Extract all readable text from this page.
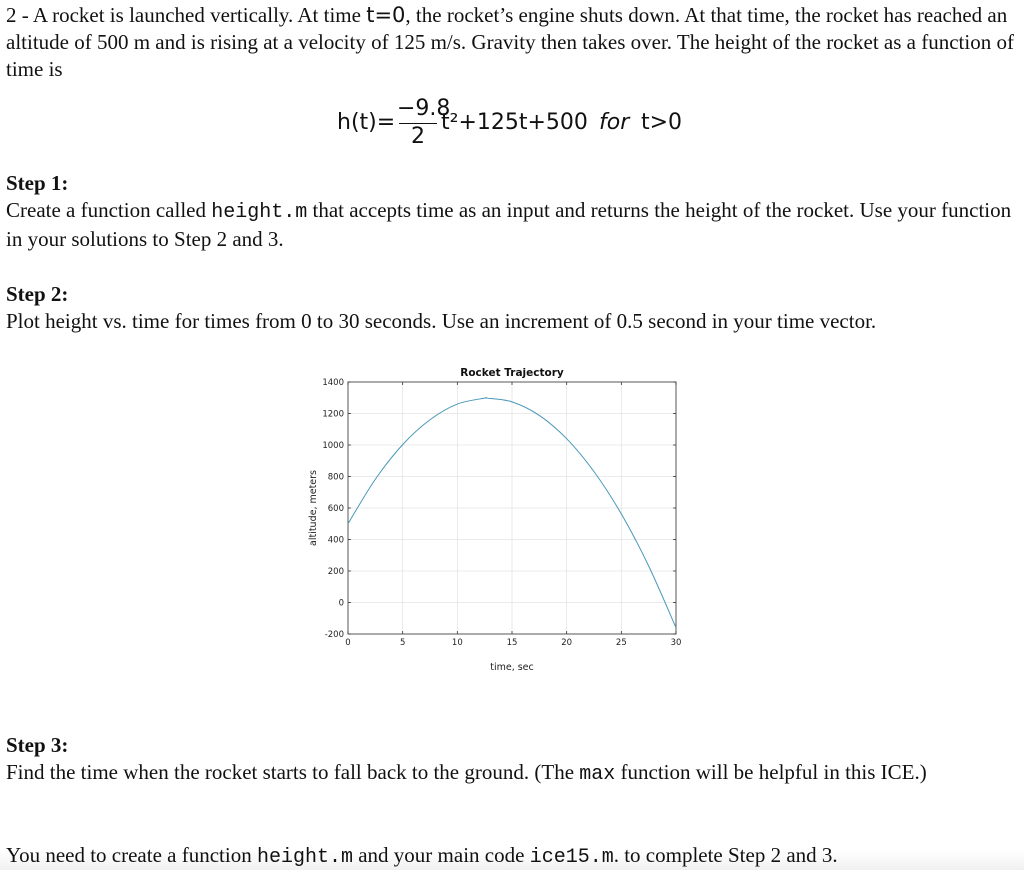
2 - A rocket is launched vertically. At time t=0, the rocket’s engine shuts down. At that time, the rocket has reached an altitude of 500 m and is rising at a velocity of 125 m/s. Gravity then takes over. The height of the rocket as a function of time is

h(t)=
−9.8
2
t²+125t+500 for t>0

Step 1:

Create a function called height.m that accepts time as an input and returns the height of the rocket. Use your function in your solutions to Step 2 and 3.

Step 2:

Plot height vs. time for times from 0 to 30 seconds. Use an increment of 0.5 second in your time vector.

0	5	10	15	20	25	30
-200
0
200
400
600
800
1000
1200
1400
Rocket Trajectory
time, sec
altitude, meters

Step 3:

Find the time when the rocket starts to fall back to the ground. (The max function will be helpful in this ICE.)

You need to create a function height.m and your main code ice15.m. to complete Step 2 and 3.
